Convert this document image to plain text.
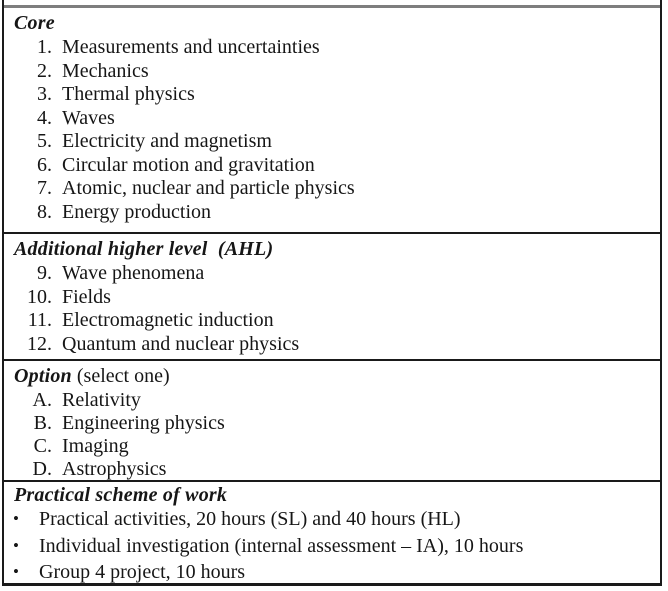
Core
1. Measurements and uncertainties
2. Mechanics
3. Thermal physics
4. Waves
5. Electricity and magnetism
6. Circular motion and gravitation
7. Atomic, nuclear and particle physics
8. Energy production
Additional higher level  (AHL)
9. Wave phenomena
10. Fields
11. Electromagnetic induction
12. Quantum and nuclear physics
Option (select one)
A. Relativity
B. Engineering physics
C. Imaging
D. Astrophysics
Practical scheme of work
•	Practical activities, 20 hours (SL) and 40 hours (HL)
•	Individual investigation (internal assessment – IA), 10 hours
•	Group 4 project, 10 hours
